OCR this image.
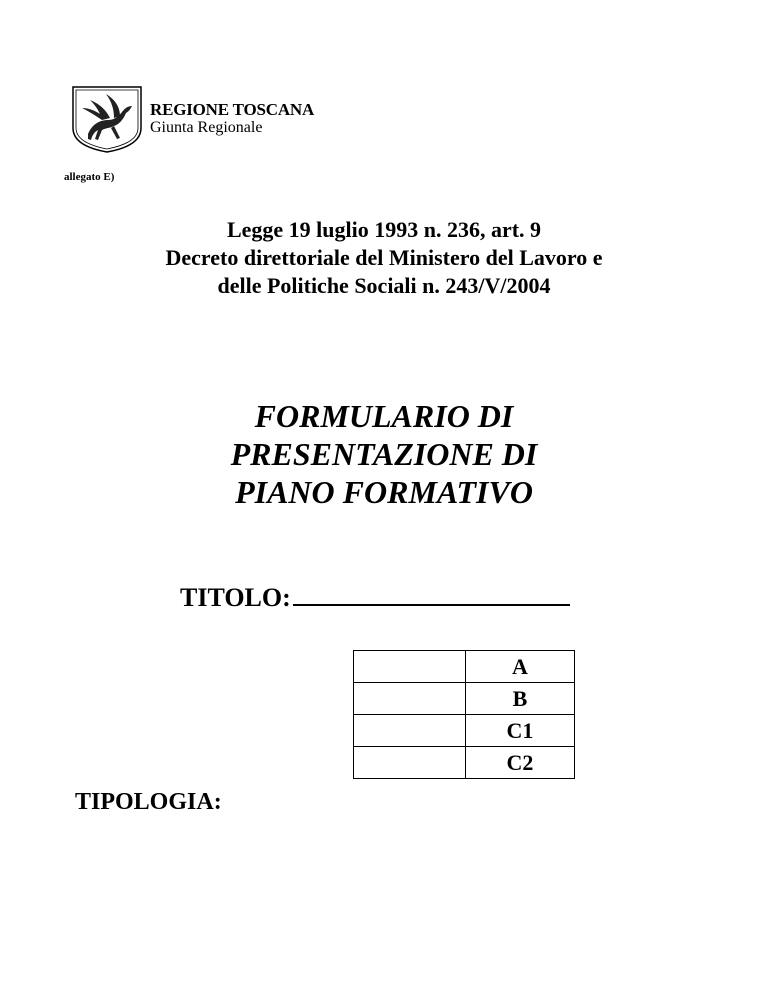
REGIONE TOSCANA
Giunta Regionale
allegato E)
Legge 19 luglio 1993 n. 236, art. 9
Decreto direttoriale del Ministero del Lavoro e
delle Politiche Sociali n. 243/V/2004
FORMULARIO DI
PRESENTAZIONE DI
PIANO FORMATIVO
TITOLO:
	A
	B
	C1
	C2
TIPOLOGIA:
